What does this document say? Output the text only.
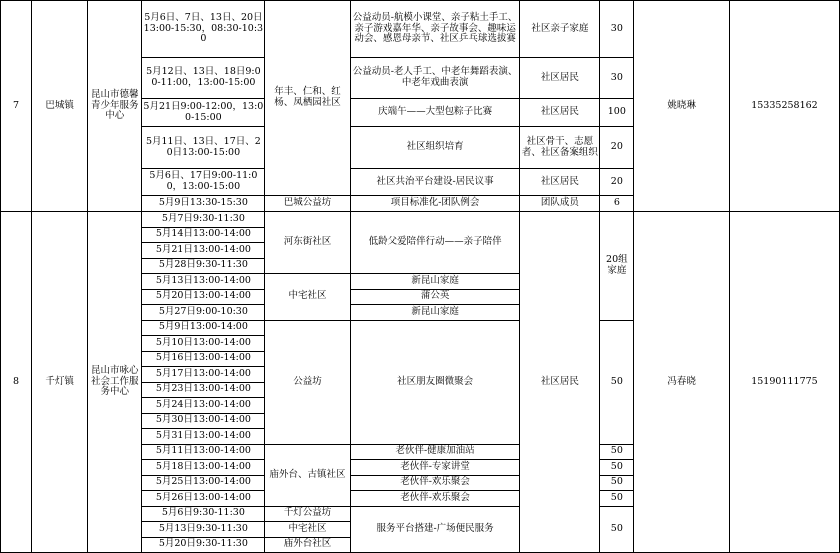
7	巴城镇	昆山市德馨青少年服务中心	5月6日、7日、13日、20日13:00-15:30，08:30-10:30	年丰、仁和、红杨、凤栖园社区	公益动员-航模小课堂、亲子粘土手工、亲子游戏嘉年华、亲子故事会、趣味运动会、感恩母亲节、社区乒乓球选拔赛	社区亲子家庭	30	姚晓琳	15335258162
			5月12日、13日、18日9:00-11:00，13:00-15:00		公益动员-老人手工、中老年舞蹈表演、中老年戏曲表演	社区居民	30		
			5月21日9:00-12:00，13:00-15:00		庆端午——大型包粽子比赛	社区居民	100		
			5月11日、13日、17日、20日13:00-15:00		社区组织培育	社区骨干、志愿者、社区备案组织	20		
			5月6日、17日9:00-11:00，13:00-15:00		社区共治平台建设-居民议事	社区居民	20		
			5月9日13:30-15:30	巴城公益坊	项目标准化-团队例会	团队成员	6		
8	千灯镇	昆山市咏心社会工作服务中心	5月7日9:30-11:30	河东街社区	低龄父爱陪伴行动——亲子陪伴	社区居民	20组家庭	冯春晓	15190111775
			5月14日13:00-14:00						
			5月21日13:00-14:00						
			5月28日9:30-11:30						
			5月13日13:00-14:00	中宅社区	新昆山家庭				
			5月20日13:00-14:00		蒲公英				
			5月27日9:00-10:30		新昆山家庭				
			5月9日13:00-14:00	公益坊	社区朋友圈微聚会		50		
			5月10日13:00-14:00						
			5月16日13:00-14:00						
			5月17日13:00-14:00						
			5月23日13:00-14:00						
			5月24日13:00-14:00						
			5月30日13:00-14:00						
			5月31日13:00-14:00						
			5月11日13:00-14:00	庙外台、古镇社区	老伙伴-健康加油站		50		
			5月18日13:00-14:00		老伙伴-专家讲堂		50		
			5月25日13:00-14:00		老伙伴-欢乐聚会		50		
			5月26日13:00-14:00		老伙伴-欢乐聚会		50		
			5月6日9:30-11:30	千灯公益坊	服务平台搭建-广场便民服务		50		
			5月13日9:30-11:30	中宅社区					
			5月20日9:30-11:30	庙外台社区					
